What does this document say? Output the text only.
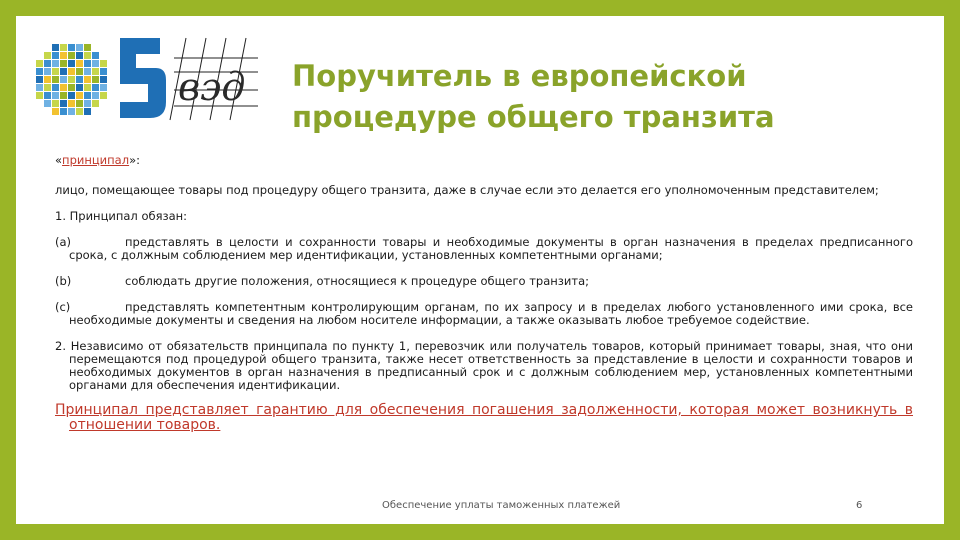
вэд Поручитель в европейской
процедуре общего транзита

«принципал»:

лицо, помещающее товары под процедуру общего транзита, даже в случае если это делается его уполномоченным представителем;

1. Принципал обязан:

(a)	представлять в целости и сохранности товары и необходимые документы в орган назначения в пределах предписанного срока, с должным соблюдением мер идентификации, установленных компетентными органами;

(b)	соблюдать другие положения, относящиеся к процедуре общего транзита;

(c)	представлять компетентным контролирующим органам, по их запросу и в пределах любого установленного ими срока, все необходимые документы и сведения на любом носителе информации, а также оказывать любое требуемое содействие.

2. Независимо от обязательств принципала по пункту 1, перевозчик или получатель товаров, который принимает товары, зная, что они перемещаются под процедурой общего транзита, также несет ответственность за представление в целости и сохранности товаров и необходимых документов в орган назначения в предписанный срок и с должным соблюдением мер, установленных компетентными органами для обеспечения идентификации.

Принципал представляет гарантию для обеспечения погашения задолженности, которая может возникнуть в отношении товаров.

Обеспечение уплаты таможенных платежей	6
